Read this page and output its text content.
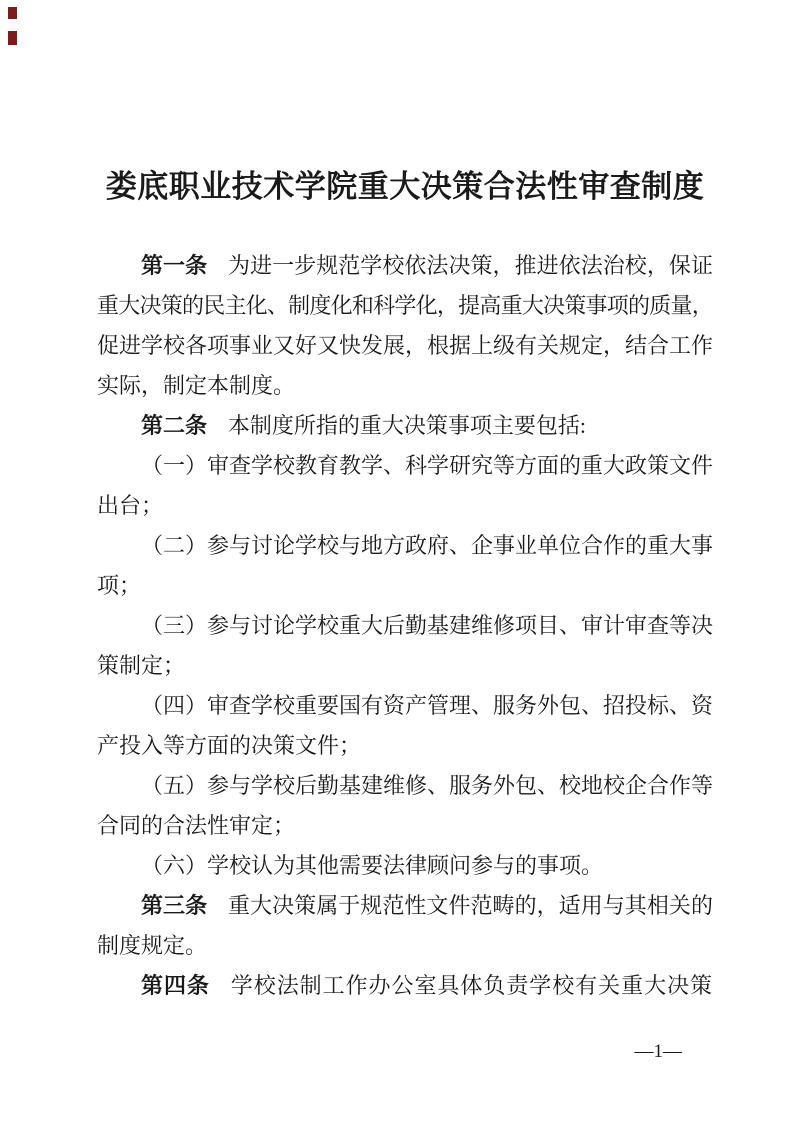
娄底职业技术学院重大决策合法性审查制度
第一条 为进一步规范学校依法决策，推进依法治校，保证
重大决策的民主化、制度化和科学化，提高重大决策事项的质量，
促进学校各项事业又好又快发展，根据上级有关规定，结合工作
实际，制定本制度。
第二条 本制度所指的重大决策事项主要包括:
（一）审查学校教育教学、科学研究等方面的重大政策文件
出台；
（二）参与讨论学校与地方政府、企事业单位合作的重大事
项；
（三）参与讨论学校重大后勤基建维修项目、审计审查等决
策制定；
（四）审查学校重要国有资产管理、服务外包、招投标、资
产投入等方面的决策文件；
（五）参与学校后勤基建维修、服务外包、校地校企合作等
合同的合法性审定；
（六）学校认为其他需要法律顾问参与的事项。
第三条 重大决策属于规范性文件范畴的，适用与其相关的
制度规定。
第四条 学校法制工作办公室具体负责学校有关重大决策
—1—
